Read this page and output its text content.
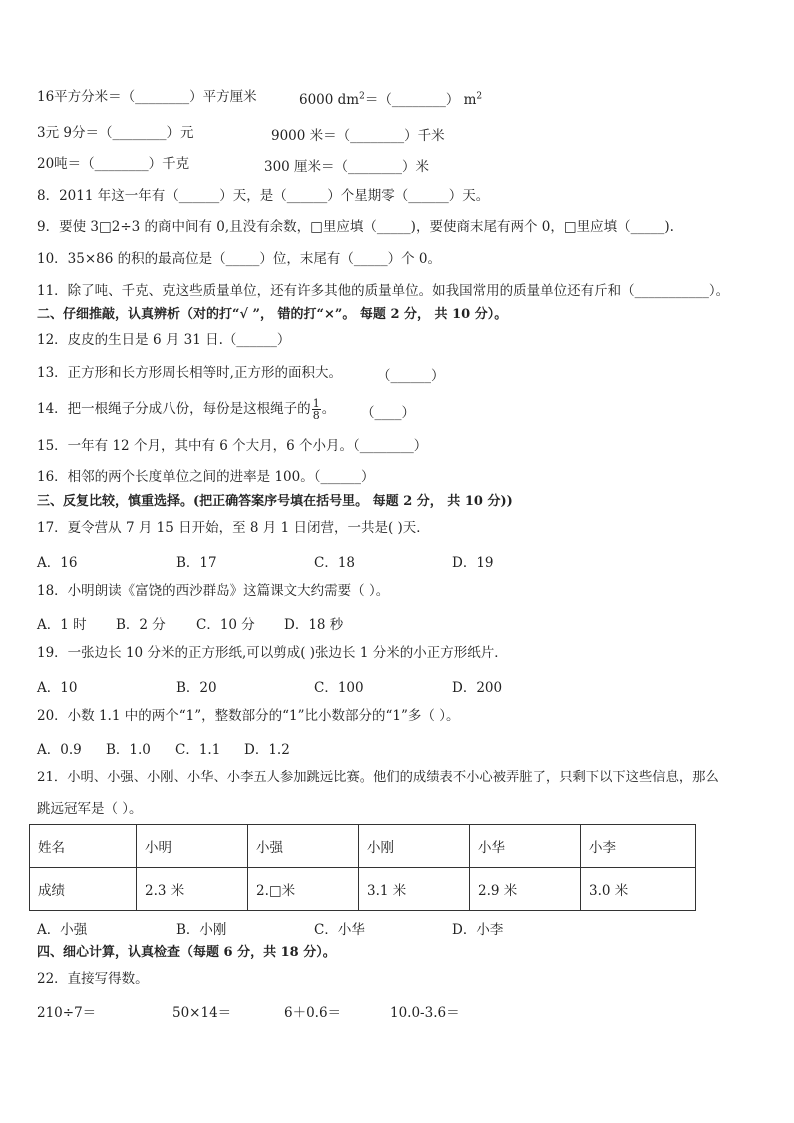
16平方分米＝（________）平方厘米	6000 $dm^2=(\_\_\_\_\_\_\_\_)$ $m^2$
3元 9分＝（________）元	9000 米＝（________）千米
20吨＝（________）千克	300 厘米＝（________）米
8．2011 年这一年有（______）天，是（______）个星期零（______）天。
9．要使 3□2÷3 的商中间有 0,且没有余数，□里应填（_____)，要使商末尾有两个 0，□里应填（_____).
10．35×86 的积的最高位是（_____）位，末尾有（_____）个 0。
11．除了吨、千克、克这些质量单位，还有许多其他的质量单位。如我国常用的质量单位还有斤和（___________）。
二、仔细推敲，认真辨析（对的打“√ ”， 错的打“×”。 每题 2 分， 共 10 分）。
12．皮皮的生日是 6 月 31 日.（______）
13．正方形和长方形周长相等时,正方形的面积大。	（______）
14．把一根绳子分成八份，每份是这根绳子的 $\frac{1}{8}$ 。 （____）
15．一年有 12 个月，其中有 6 个大月，6 个小月。（________）
16．相邻的两个长度单位之间的进率是 100。（______）
三、反复比较，慎重选择。(把正确答案序号填在括号里。 每题 2 分， 共 10 分))
17．夏令营从 7 月 15 日开始，至 8 月 1 日闭营，一共是( )天．
A．16	B．17	C．18	D．19
18．小明朗读《富饶的西沙群岛》这篇课文大约需要（ ）。
A．1 时 B．2 分 C．10 分 D．18 秒
19．一张边长 10 分米的正方形纸,可以剪成( )张边长 1 分米的小正方形纸片．
A．10	B．20	C．100	D．200
20．小数 1.1 中的两个“1”，整数部分的“1”比小数部分的“1”多（ ）。
A．0.9 B．1.0 C．1.1 D．1.2
21．小明、小强、小刚、小华、小李五人参加跳远比赛。他们的成绩表不小心被弄脏了，只剩下以下这些信息，那么
跳远冠军是（ ）。
姓名	小明	小强	小刚	小华	小李
成绩	2.3 米	2.□米	3.1 米	2.9 米	3.0 米
A．小强	B．小刚	C．小华	D．小李
四、细心计算，认真检查（每题 6 分，共 18 分）。
22．直接写得数。
210÷7＝	50×14＝	6＋0.6＝	10.0-3.6＝
